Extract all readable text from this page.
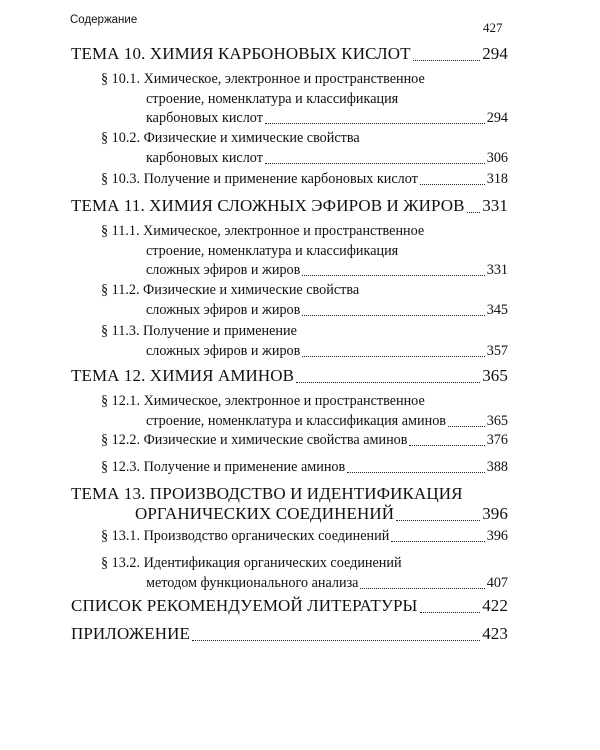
Содержание	427
ТЕМА 10. ХИМИЯ КАРБОНОВЫХ КИСЛОТ	294
§ 10.1. Химическое, электронное и пространственное
строение, номенклатура и классификация
карбоновых кислот	294
§ 10.2. Физические и химические свойства
карбоновых кислот	306
§ 10.3. Получение и применение карбоновых кислот	318
ТЕМА 11. ХИМИЯ СЛОЖНЫХ ЭФИРОВ И ЖИРОВ 331
§ 11.1. Химическое, электронное и пространственное
строение, номенклатура и классификация
сложных эфиров и жиров	331
§ 11.2. Физические и химические свойства
сложных эфиров и жиров	345
§ 11.3. Получение и применение
сложных эфиров и жиров	357
ТЕМА 12. ХИМИЯ АМИНОВ	365
§ 12.1. Химическое, электронное и пространственное
строение, номенклатура и классификация аминов	365
§ 12.2. Физические и химические свойства аминов	376
§ 12.3. Получение и применение аминов	388
ТЕМА 13. ПРОИЗВОДСТВО И ИДЕНТИФИКАЦИЯ
ОРГАНИЧЕСКИХ СОЕДИНЕНИЙ	396
§ 13.1. Производство органических соединений	396
§ 13.2. Идентификация органических соединений
методом функционального анализа	407
СПИСОК РЕКОМЕНДУЕМОЙ ЛИТЕРАТУРЫ	422
ПРИЛОЖЕНИЕ	423
